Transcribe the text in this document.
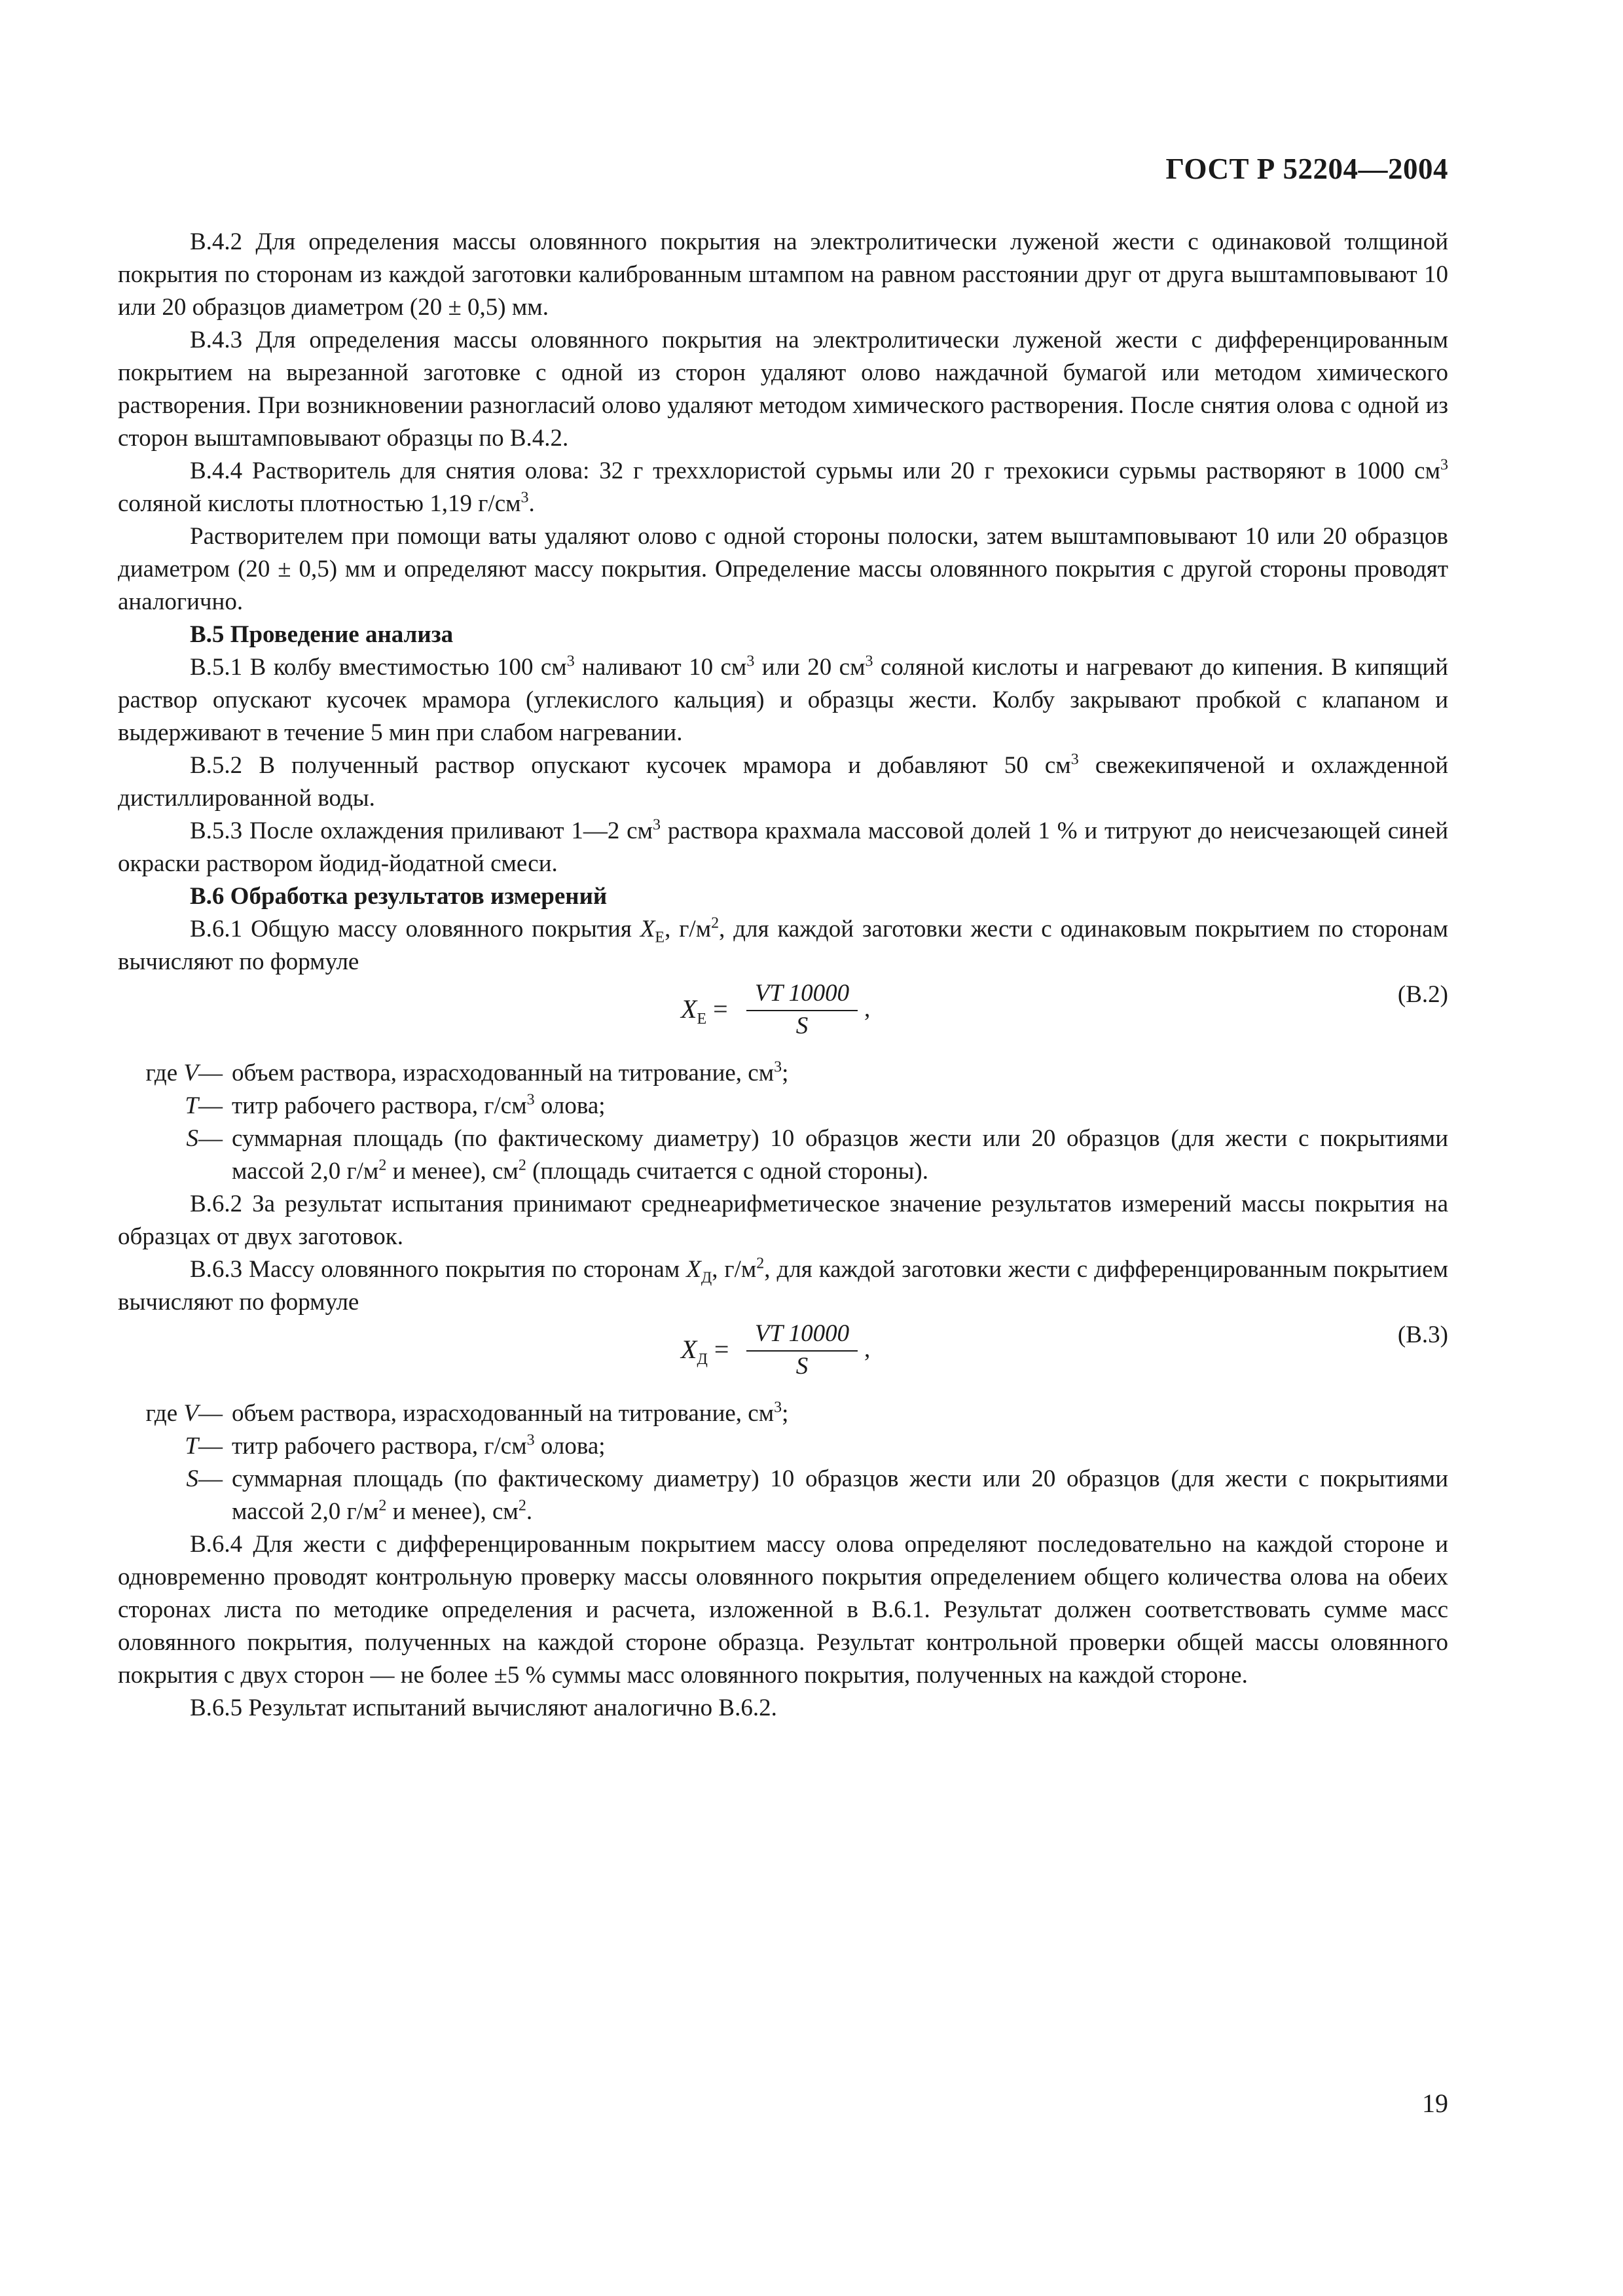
ГОСТ Р 52204—2004

В.4.2 Для определения массы оловянного покрытия на электролитически луженой жести с одинаковой толщиной покрытия по сторонам из каждой заготовки калиброванным штампом на равном расстоянии друг от друга выштамповывают 10 или 20 образцов диаметром (20 ± 0,5) мм.

В.4.3 Для определения массы оловянного покрытия на электролитически луженой жести с дифференцированным покрытием на вырезанной заготовке с одной из сторон удаляют олово наждачной бумагой или методом химического растворения. При возникновении разногласий олово удаляют методом химического растворения. После снятия олова с одной из сторон выштамповывают образцы по В.4.2.

В.4.4 Растворитель для снятия олова: 32 г треххлористой сурьмы или 20 г трехокиси сурьмы растворяют в 1000 $см^3$ соляной кислоты плотностью 1,19 $г/см^3$.

Растворителем при помощи ваты удаляют олово с одной стороны полоски, затем выштамповывают 10 или 20 образцов диаметром (20 ± 0,5) мм и определяют массу покрытия. Определение массы оловянного покрытия с другой стороны проводят аналогично.

В.5 Проведение анализа

В.5.1 В колбу вместимостью 100 $см^3$ наливают 10 $см^3$ или 20 $см^3$ соляной кислоты и нагревают до кипения. В кипящий раствор опускают кусочек мрамора (углекислого кальция) и образцы жести. Колбу закрывают пробкой с клапаном и выдерживают в течение 5 мин при слабом нагревании.

В.5.2 В полученный раствор опускают кусочек мрамора и добавляют 50 $см^3$ свежекипяченой и охлажденной дистиллированной воды.

В.5.3 После охлаждения приливают 1—2 $см^3$ раствора крахмала массовой долей 1 % и титруют до неисчезающей синей окраски раствором йодид-йодатной смеси.

В.6 Обработка результатов измерений

В.6.1 Общую массу оловянного покрытия $X_E$, $г/м^2$, для каждой заготовки жести с одинаковым покрытием по сторонам вычисляют по формуле

$X_E = \frac{VT 10000}{S}$ ,
(В.2)
где V— объем раствора, израсходованный на титрование, $см^3$;
T— титр рабочего раствора, $г/см^3$ олова;
S— суммарная площадь (по фактическому диаметру) 10 образцов жести или 20 образцов (для жести с покрытиями массой 2,0 $г/м^2$ и менее), $см^2$ (площадь считается с одной стороны).

В.6.2 За результат испытания принимают среднеарифметическое значение результатов измерений массы покрытия на образцах от двух заготовок.

В.6.3 Массу оловянного покрытия по сторонам $X_Д$, $г/м^2$, для каждой заготовки жести с дифференцированным покрытием вычисляют по формуле

$X_Д = \frac{VT 10000}{S}$ ,
(В.3)
где V— объем раствора, израсходованный на титрование, $см^3$;
T— титр рабочего раствора, $г/см^3$ олова;
S— суммарная площадь (по фактическому диаметру) 10 образцов жести или 20 образцов (для жести с покрытиями массой 2,0 $г/м^2$ и менее), $см^2$.

В.6.4 Для жести с дифференцированным покрытием массу олова определяют последовательно на каждой стороне и одновременно проводят контрольную проверку массы оловянного покрытия определением общего количества олова на обеих сторонах листа по методике определения и расчета, изложенной в В.6.1. Результат должен соответствовать сумме масс оловянного покрытия, полученных на каждой стороне образца. Результат контрольной проверки общей массы оловянного покрытия с двух сторон — не более ±5 % суммы масс оловянного покрытия, полученных на каждой стороне.

В.6.5 Результат испытаний вычисляют аналогично В.6.2.

19
